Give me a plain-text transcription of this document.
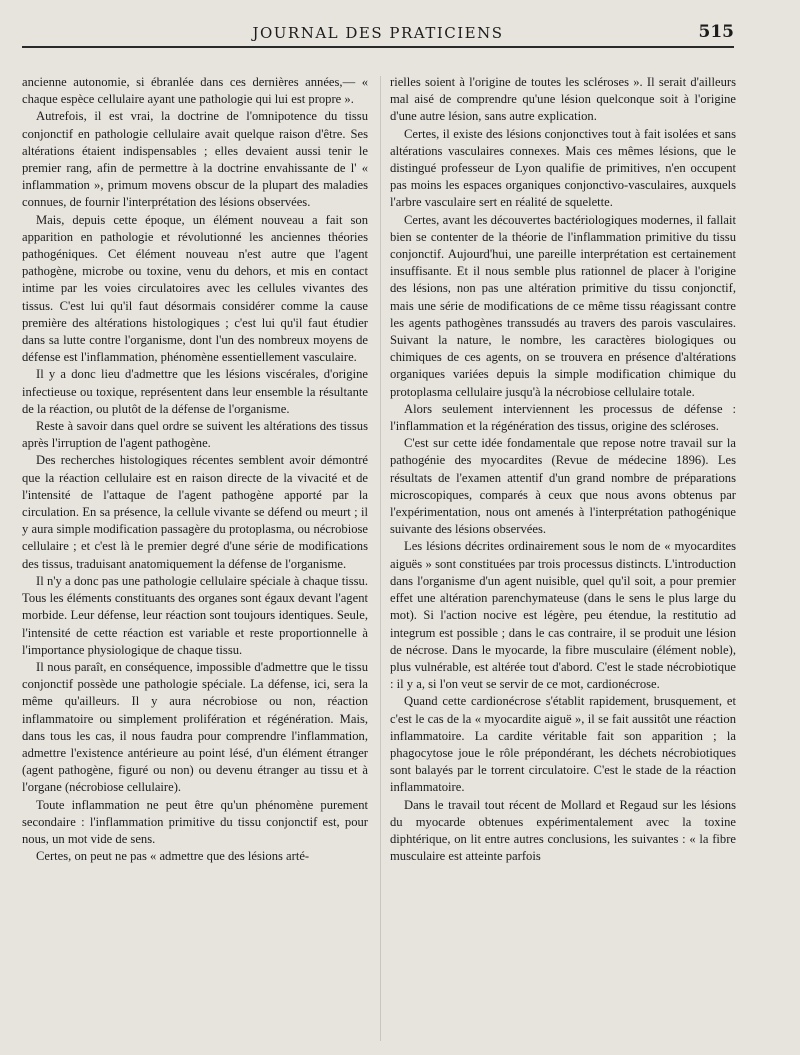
JOURNAL DES PRATICIENS	515

ancienne autonomie, si ébranlée dans ces dernières années,— « chaque espèce cellulaire ayant une pathologie qui lui est propre ».

Autrefois, il est vrai, la doctrine de l'omnipotence du tissu conjonctif en pathologie cellulaire avait quelque raison d'être. Ses altérations étaient indispensables ; elles devaient aussi tenir le premier rang, afin de permettre à la doctrine envahissante de l' « inflammation », primum movens obscur de la plupart des maladies connues, de fournir l'interprétation des lésions observées.

Mais, depuis cette époque, un élément nouveau a fait son apparition en pathologie et révolutionné les anciennes théories pathogéniques. Cet élément nouveau n'est autre que l'agent pathogène, microbe ou toxine, venu du dehors, et mis en contact intime par les voies circulatoires avec les cellules vivantes des tissus. C'est lui qu'il faut désormais considérer comme la cause première des altérations histologiques ; c'est lui qu'il faut étudier dans sa lutte contre l'organisme, dont l'un des nombreux moyens de défense est l'inflammation, phénomène essentiellement vasculaire.

Il y a donc lieu d'admettre que les lésions viscérales, d'origine infectieuse ou toxique, représentent dans leur ensemble la résultante de la réaction, ou plutôt de la défense de l'organisme.

Reste à savoir dans quel ordre se suivent les altérations des tissus après l'irruption de l'agent pathogène.

Des recherches histologiques récentes semblent avoir démontré que la réaction cellulaire est en raison directe de la vivacité et de l'intensité de l'attaque de l'agent pathogène apporté par la circulation. En sa présence, la cellule vivante se défend ou meurt ; il y aura simple modification passagère du protoplasma, ou nécrobiose cellulaire ; et c'est là le premier degré d'une série de modifications des tissus, traduisant anatomiquement la défense de l'organisme.

Il n'y a donc pas une pathologie cellulaire spéciale à chaque tissu. Tous les éléments constituants des organes sont égaux devant l'agent morbide. Leur défense, leur réaction sont toujours identiques. Seule, l'intensité de cette réaction est variable et reste proportionnelle à l'importance physiologique de chaque tissu.

Il nous paraît, en conséquence, impossible d'admettre que le tissu conjonctif possède une pathologie spéciale. La défense, ici, sera la même qu'ailleurs. Il y aura nécrobiose ou non, réaction inflammatoire ou simplement prolifération et régénération. Mais, dans tous les cas, il nous faudra pour comprendre l'inflammation, admettre l'existence antérieure au point lésé, d'un élément étranger (agent pathogène, figuré ou non) ou devenu étranger au tissu et à l'organe (nécrobiose cellulaire).

Toute inflammation ne peut être qu'un phénomène purement secondaire : l'inflammation primitive du tissu conjonctif est, pour nous, un mot vide de sens.

Certes, on peut ne pas « admettre que des lésions arté-

rielles soient à l'origine de toutes les scléroses ». Il serait d'ailleurs mal aisé de comprendre qu'une lésion quelconque soit à l'origine d'une autre lésion, sans autre explication.

Certes, il existe des lésions conjonctives tout à fait isolées et sans altérations vasculaires connexes. Mais ces mêmes lésions, que le distingué professeur de Lyon qualifie de primitives, n'en occupent pas moins les espaces organiques conjonctivo-vasculaires, auxquels l'arbre vasculaire sert en réalité de squelette.

Certes, avant les découvertes bactériologiques modernes, il fallait bien se contenter de la théorie de l'inflammation primitive du tissu conjonctif. Aujourd'hui, une pareille interprétation est certainement insuffisante. Et il nous semble plus rationnel de placer à l'origine des lésions, non pas une altération primitive du tissu conjonctif, mais une série de modifications de ce même tissu réagissant contre les agents pathogènes transsudés au travers des parois vasculaires. Suivant la nature, le nombre, les caractères biologiques ou chimiques de ces agents, on se trouvera en présence d'altérations organiques variées depuis la simple modification chimique du protoplasma cellulaire jusqu'à la nécrobiose cellulaire totale.

Alors seulement interviennent les processus de défense : l'inflammation et la régénération des tissus, origine des scléroses.

C'est sur cette idée fondamentale que repose notre travail sur la pathogénie des myocardites (Revue de médecine 1896). Les résultats de l'examen attentif d'un grand nombre de préparations microscopiques, comparés à ceux que nous avons obtenus par l'expérimentation, nous ont amenés à l'interprétation pathogénique suivante des lésions observées.

Les lésions décrites ordinairement sous le nom de « myocardites aiguës » sont constituées par trois processus distincts. L'introduction dans l'organisme d'un agent nuisible, quel qu'il soit, a pour premier effet une altération parenchymateuse (dans le sens le plus large du mot). Si l'action nocive est légère, peu étendue, la restitutio ad integrum est possible ; dans le cas contraire, il se produit une lésion de nécrose. Dans le myocarde, la fibre musculaire (élément noble), plus vulnérable, est altérée tout d'abord. C'est le stade nécrobiotique : il y a, si l'on veut se servir de ce mot, cardionécrose.

Quand cette cardionécrose s'établit rapidement, brusquement, et c'est le cas de la « myocardite aiguë », il se fait aussitôt une réaction inflammatoire. La cardite véritable fait son apparition ; la phagocytose joue le rôle prépondérant, les déchets nécrobiotiques sont balayés par le torrent circulatoire. C'est le stade de la réaction inflammatoire.

Dans le travail tout récent de Mollard et Regaud sur les lésions du myocarde obtenues expérimentalement avec la toxine diphtérique, on lit entre autres conclusions, les suivantes : « la fibre musculaire est atteinte parfois
